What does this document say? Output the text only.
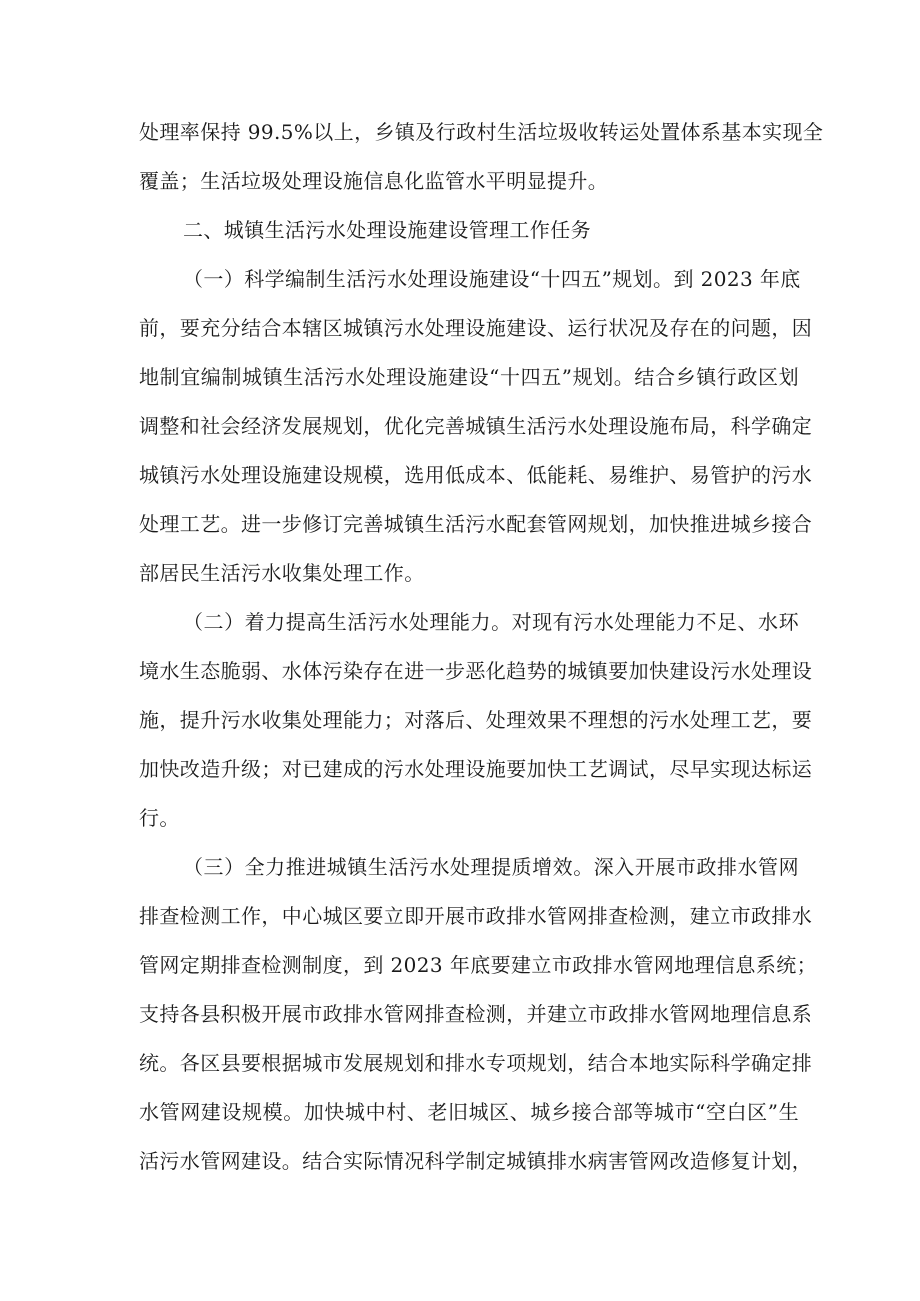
处理率保持 99.5%以上，乡镇及行政村生活垃圾收转运处置体系基本实现全
覆盖；生活垃圾处理设施信息化监管水平明显提升。
二、城镇生活污水处理设施建设管理工作任务
（一）科学编制生活污水处理设施建设“十四五”规划。到 2023 年底
前，要充分结合本辖区城镇污水处理设施建设、运行状况及存在的问题，因
地制宜编制城镇生活污水处理设施建设“十四五”规划。结合乡镇行政区划
调整和社会经济发展规划，优化完善城镇生活污水处理设施布局，科学确定
城镇污水处理设施建设规模，选用低成本、低能耗、易维护、易管护的污水
处理工艺。进一步修订完善城镇生活污水配套管网规划，加快推进城乡接合
部居民生活污水收集处理工作。
（二）着力提高生活污水处理能力。对现有污水处理能力不足、水环
境水生态脆弱、水体污染存在进一步恶化趋势的城镇要加快建设污水处理设
施，提升污水收集处理能力；对落后、处理效果不理想的污水处理工艺，要
加快改造升级；对已建成的污水处理设施要加快工艺调试，尽早实现达标运
行。
（三）全力推进城镇生活污水处理提质增效。深入开展市政排水管网
排查检测工作，中心城区要立即开展市政排水管网排查检测，建立市政排水
管网定期排查检测制度，到 2023 年底要建立市政排水管网地理信息系统；
支持各县积极开展市政排水管网排查检测，并建立市政排水管网地理信息系
统。各区县要根据城市发展规划和排水专项规划，结合本地实际科学确定排
水管网建设规模。加快城中村、老旧城区、城乡接合部等城市“空白区”生
活污水管网建设。结合实际情况科学制定城镇排水病害管网改造修复计划，
